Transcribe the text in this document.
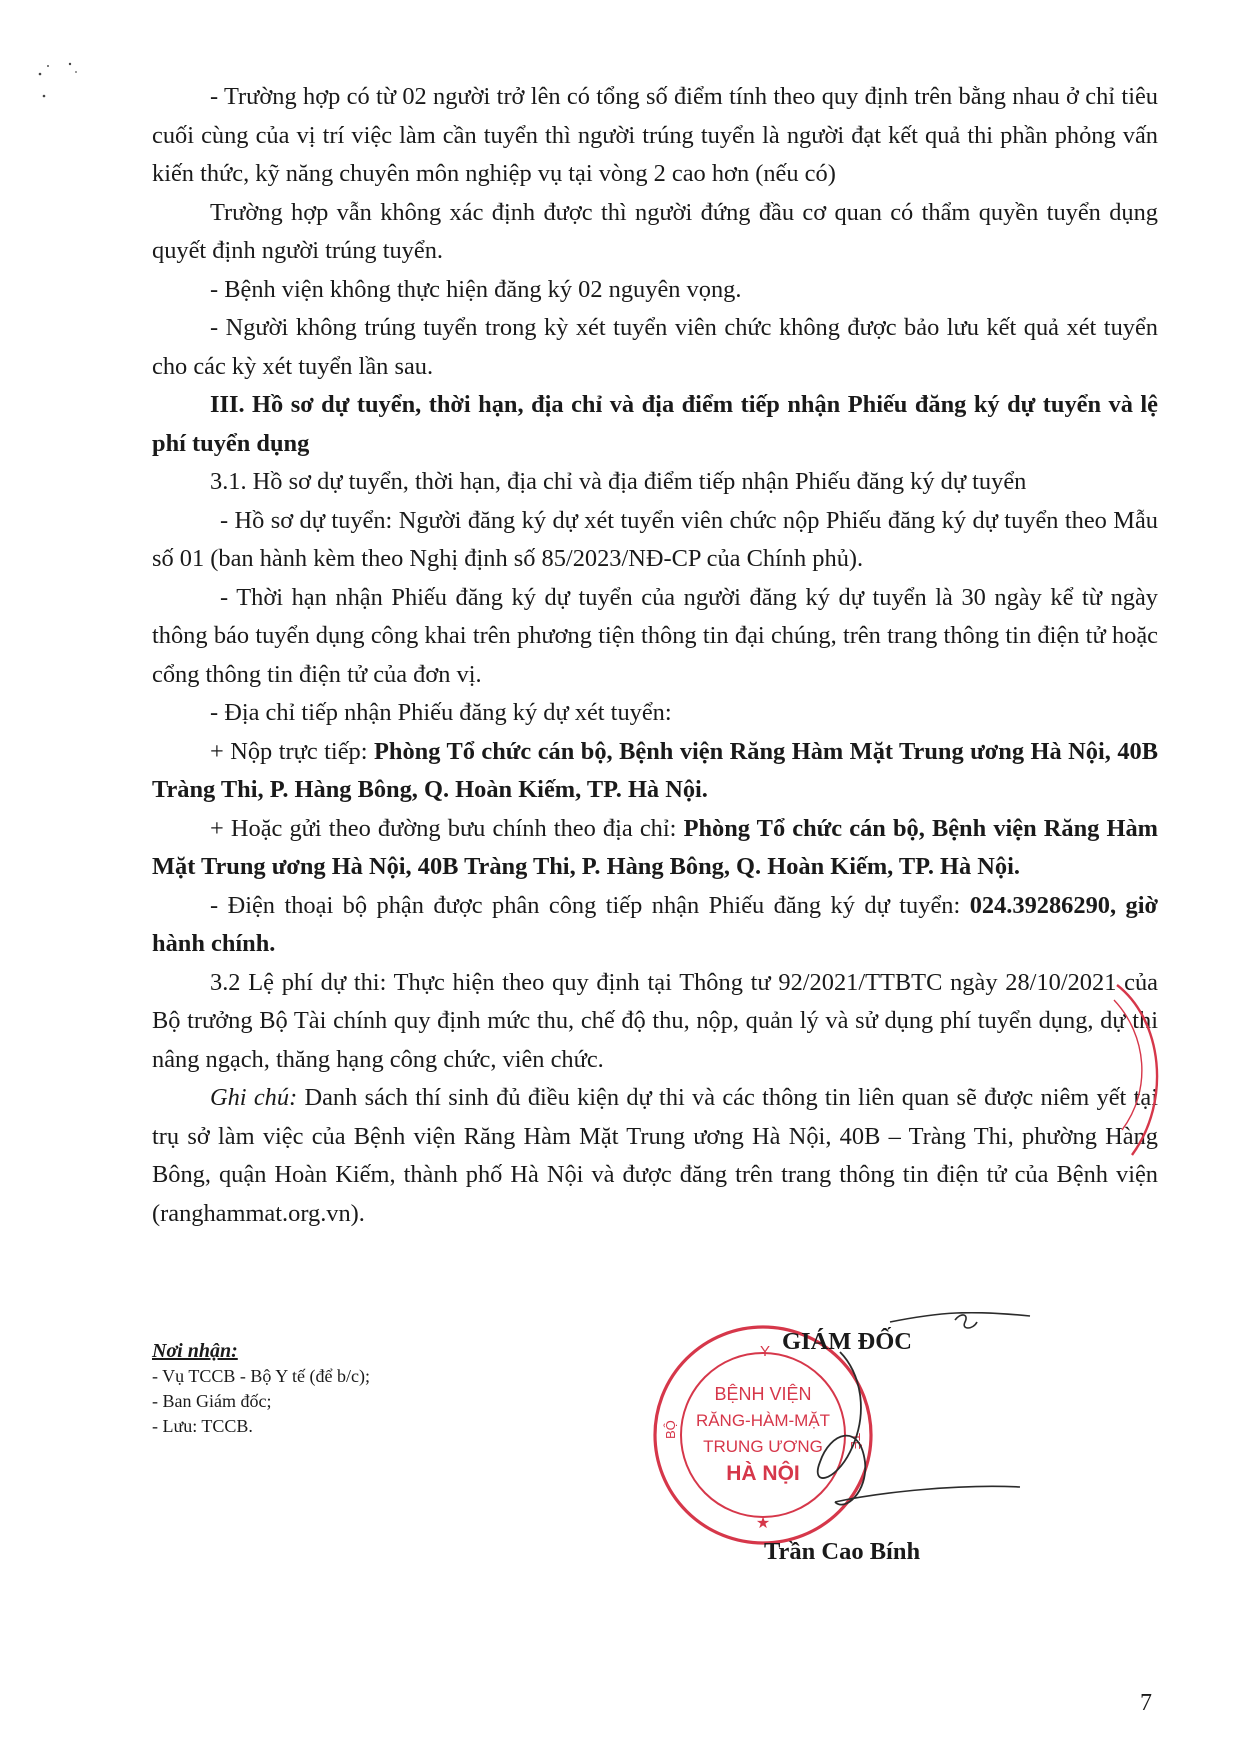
- Trường hợp có từ 02 người trở lên có tổng số điểm tính theo quy định trên bằng nhau ở chỉ tiêu cuối cùng của vị trí việc làm cần tuyển thì người trúng tuyển là người đạt kết quả thi phần phỏng vấn kiến thức, kỹ năng chuyên môn nghiệp vụ tại vòng 2 cao hơn (nếu có)

Trường hợp vẫn không xác định được thì người đứng đầu cơ quan có thẩm quyền tuyển dụng quyết định người trúng tuyển.

- Bệnh viện không thực hiện đăng ký 02 nguyên vọng.

- Người không trúng tuyển trong kỳ xét tuyển viên chức không được bảo lưu kết quả xét tuyển cho các kỳ xét tuyển lần sau.

III. Hồ sơ dự tuyển, thời hạn, địa chỉ và địa điểm tiếp nhận Phiếu đăng ký dự tuyển và lệ phí tuyển dụng

3.1. Hồ sơ dự tuyển, thời hạn, địa chỉ và địa điểm tiếp nhận Phiếu đăng ký dự tuyển

- Hồ sơ dự tuyển: Người đăng ký dự xét tuyển viên chức nộp Phiếu đăng ký dự tuyển theo Mẫu số 01 (ban hành kèm theo Nghị định số 85/2023/NĐ-CP của Chính phủ).

- Thời hạn nhận Phiếu đăng ký dự tuyển của người đăng ký dự tuyển là 30 ngày kể từ ngày thông báo tuyển dụng công khai trên phương tiện thông tin đại chúng, trên trang thông tin điện tử hoặc cổng thông tin điện tử của đơn vị.

- Địa chỉ tiếp nhận Phiếu đăng ký dự xét tuyển:

+ Nộp trực tiếp: Phòng Tổ chức cán bộ, Bệnh viện Răng Hàm Mặt Trung ương Hà Nội, 40B Tràng Thi, P. Hàng Bông, Q. Hoàn Kiếm, TP. Hà Nội.

+ Hoặc gửi theo đường bưu chính theo địa chỉ: Phòng Tổ chức cán bộ, Bệnh viện Răng Hàm Mặt Trung ương Hà Nội, 40B Tràng Thi, P. Hàng Bông, Q. Hoàn Kiếm, TP. Hà Nội.

- Điện thoại bộ phận được phân công tiếp nhận Phiếu đăng ký dự tuyển: 024.39286290, giờ hành chính.

3.2 Lệ phí dự thi: Thực hiện theo quy định tại Thông tư 92/2021/TTBTC ngày 28/10/2021 của Bộ trưởng Bộ Tài chính quy định mức thu, chế độ thu, nộp, quản lý và sử dụng phí tuyển dụng, dự thi nâng ngạch, thăng hạng công chức, viên chức.

Ghi chú: Danh sách thí sinh đủ điều kiện dự thi và các thông tin liên quan sẽ được niêm yết tại trụ sở làm việc của Bệnh viện Răng Hàm Mặt Trung ương Hà Nội, 40B – Tràng Thi, phường Hàng Bông, quận Hoàn Kiếm, thành phố Hà Nội và được đăng trên trang thông tin điện tử của Bệnh viện (ranghammat.org.vn).

Nơi nhận:
- Vụ TCCB - Bộ Y tế (để b/c);
- Ban Giám đốc;
- Lưu: TCCB.
Y
BỘ
TẾ
BỆNH VIỆN
RĂNG-HÀM-MẶT
TRUNG ƯƠNG
HÀ NỘI
★
GIÁM ĐỐC
Trần Cao Bính
7
